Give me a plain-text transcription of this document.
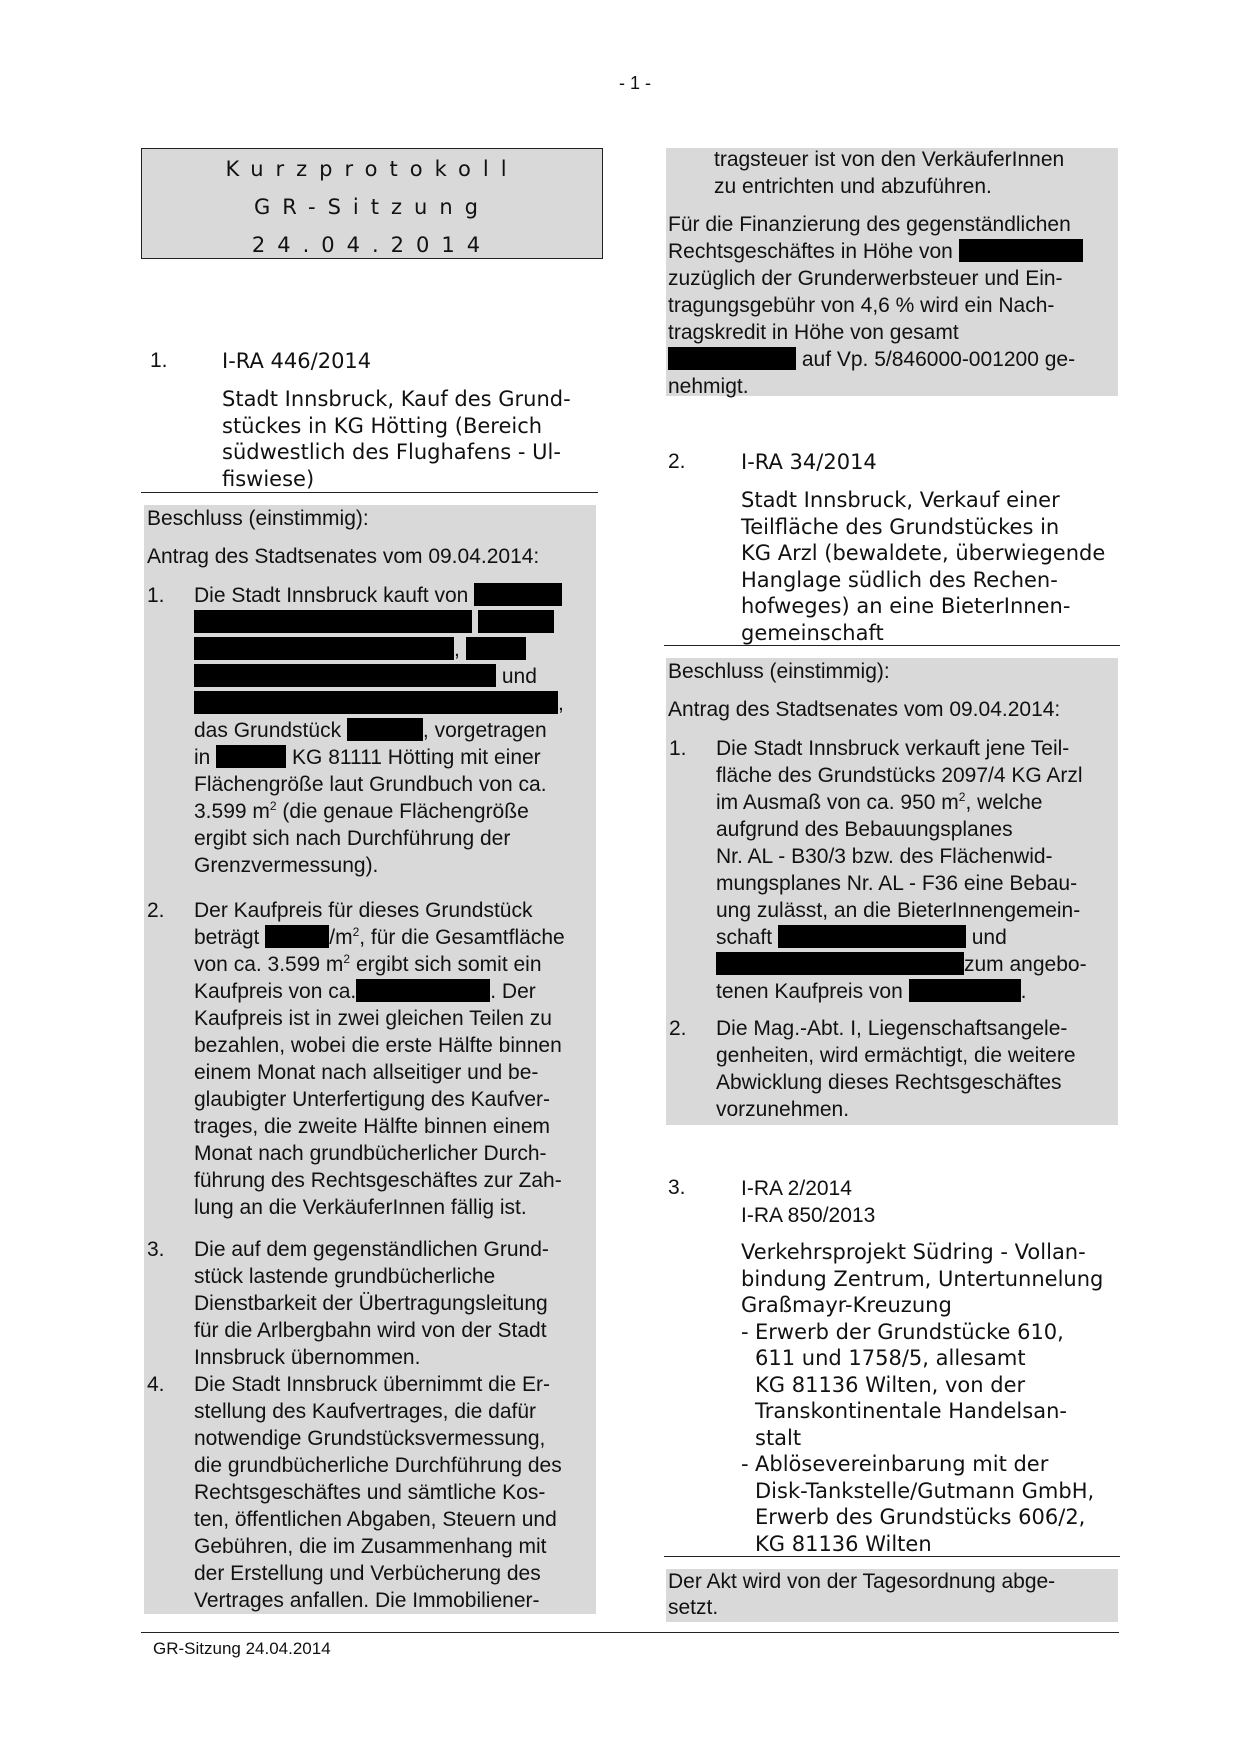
- 1 -
Kurzprotokoll
GR-Sitzung
24.04.2014
1.	I-RA 446/2014
Stadt Innsbruck, Kauf des Grund-
stückes in KG Hötting (Bereich
südwestlich des Flughafens - Ul-
fiswiese)
Beschluss (einstimmig):
Antrag des Stadtsenates vom 09.04.2014:
1. Die Stadt Innsbruck kauft von

,
und
,
das Grundstück	, vorgetragen
in	KG 81111 Hötting mit einer
Flächengröße laut Grundbuch von ca.
3.599 $m^2$ (die genaue Flächengröße
ergibt sich nach Durchführung der
Grenzvermessung).
2. Der Kaufpreis für dieses Grundstück
beträgt	$/m^2$, für die Gesamtfläche
von ca. 3.599 $m^2$ ergibt sich somit ein
Kaufpreis von ca.	. Der
Kaufpreis ist in zwei gleichen Teilen zu
bezahlen, wobei die erste Hälfte binnen
einem Monat nach allseitiger und be-
glaubigter Unterfertigung des Kaufver-
trages, die zweite Hälfte binnen einem
Monat nach grundbücherlicher Durch-
führung des Rechtsgeschäftes zur Zah-
lung an die VerkäuferInnen fällig ist.
3. Die auf dem gegenständlichen Grund-
stück lastende grundbücherliche
Dienstbarkeit der Übertragungsleitung
für die Arlbergbahn wird von der Stadt
Innsbruck übernommen.
4. Die Stadt Innsbruck übernimmt die Er-
stellung des Kaufvertrages, die dafür
notwendige Grundstücksvermessung,
die grundbücherliche Durchführung des
Rechtsgeschäftes und sämtliche Kos-
ten, öffentlichen Abgaben, Steuern und
Gebühren, die im Zusammenhang mit
der Erstellung und Verbücherung des
Vertrages anfallen. Die Immobiliener-
tragsteuer ist von den VerkäuferInnen
zu entrichten und abzuführen.
Für die Finanzierung des gegenständlichen
Rechtsgeschäftes in Höhe von
zuzüglich der Grunderwerbsteuer und Ein-
tragungsgebühr von 4,6 % wird ein Nach-
tragskredit in Höhe von gesamt
auf Vp. 5/846000-001200 ge-
nehmigt.
2.	I-RA 34/2014
Stadt Innsbruck, Verkauf einer
Teilfläche des Grundstückes in
KG Arzl (bewaldete, überwiegende
Hanglage südlich des Rechen-
hofweges) an eine BieterInnen-
gemeinschaft
Beschluss (einstimmig):
Antrag des Stadtsenates vom 09.04.2014:
1. Die Stadt Innsbruck verkauft jene Teil-
fläche des Grundstücks 2097/4 KG Arzl
im Ausmaß von ca. 950 $m^2$, welche
aufgrund des Bebauungsplanes
Nr. AL - B30/3 bzw. des Flächenwid-
mungsplanes Nr. AL - F36 eine Bebau-
ung zulässt, an die BieterInnengemein-
schaft	und
zum angebo-
tenen Kaufpreis von	.
2. Die Mag.-Abt. I, Liegenschaftsangele-
genheiten, wird ermächtigt, die weitere
Abwicklung dieses Rechtsgeschäftes
vorzunehmen.
3.	I-RA 2/2014
I-RA 850/2013
Verkehrsprojekt Südring - Vollan-
bindung Zentrum, Untertunnelung
Graßmayr-Kreuzung
- Erwerb der Grundstücke 610,
611 und 1758/5, allesamt
KG 81136 Wilten, von der
Transkontinentale Handelsan-
stalt
- Ablösevereinbarung mit der
Disk-Tankstelle/Gutmann GmbH,
Erwerb des Grundstücks 606/2,
KG 81136 Wilten
Der Akt wird von der Tagesordnung abge-
setzt.
GR-Sitzung 24.04.2014
